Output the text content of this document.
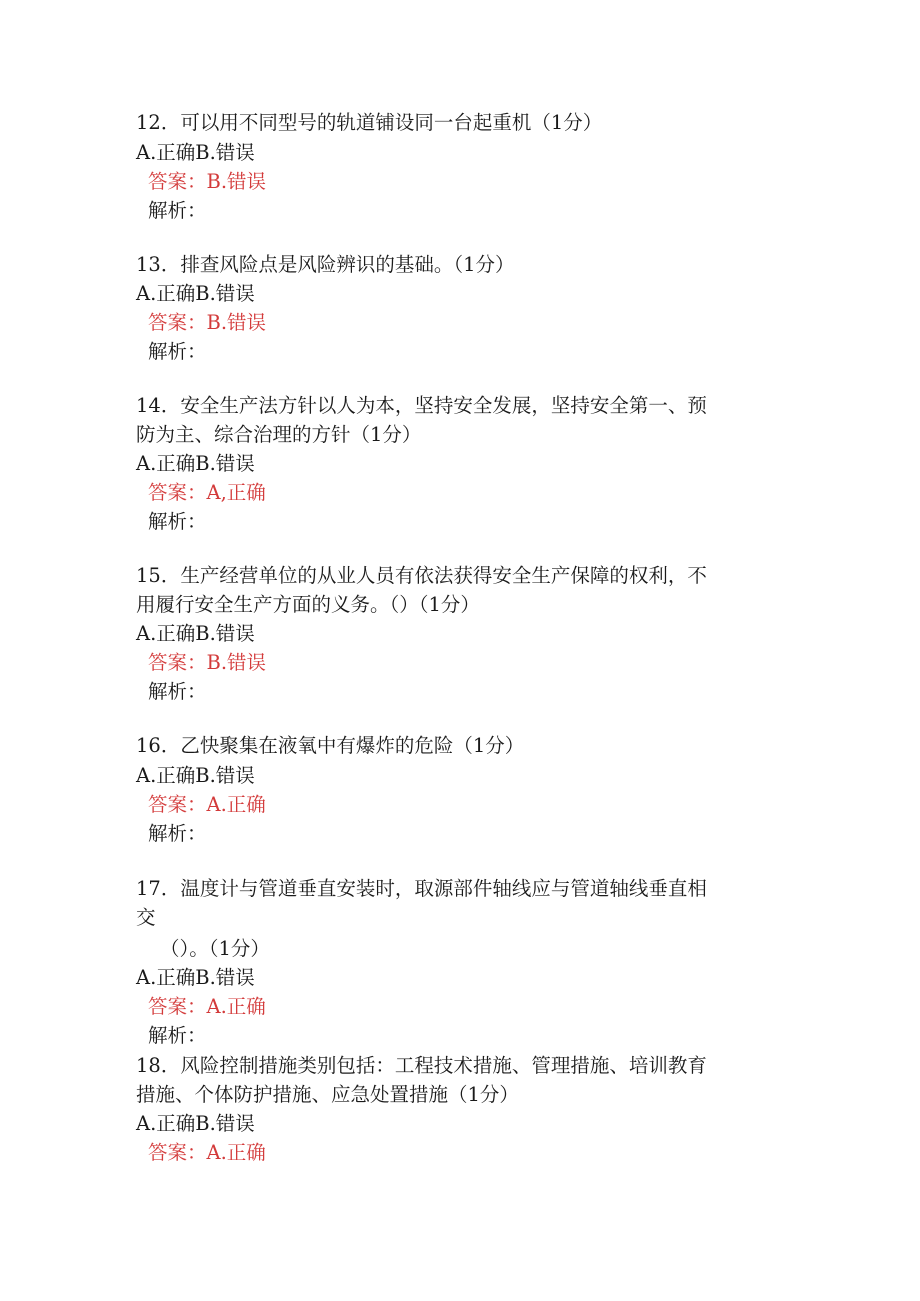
12．可以用不同型号的轨道铺设同一台起重机（1分）
A.正确B.错误
答案：B.错误
解析：
13．排查风险点是风险辨识的基础。（1分）
A.正确B.错误
答案：B.错误
解析：
14．安全生产法方针以人为本，坚持安全发展，坚持安全第一、预
防为主、综合治理的方针（1分）
A.正确B.错误
答案：A,正确
解析：
15．生产经营单位的从业人员有依法获得安全生产保障的权利，不
用履行安全生产方面的义务。（）（1分）
A.正确B.错误
答案：B.错误
解析：
16．乙快聚集在液氧中有爆炸的危险（1分）
A.正确B.错误
答案：A.正确
解析：
17．温度计与管道垂直安装时，取源部件轴线应与管道轴线垂直相
交
（）。（1分）
A.正确B.错误
答案：A.正确
解析：
18．风险控制措施类别包括：工程技术措施、管理措施、培训教育
措施、个体防护措施、应急处置措施（1分）
A.正确B.错误
答案：A.正确
